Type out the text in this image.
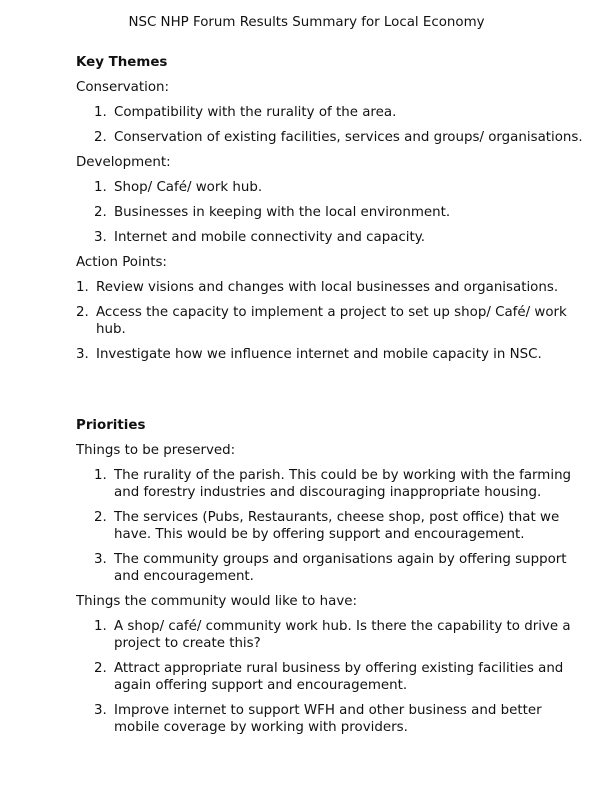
NSC NHP Forum Results Summary for Local Economy
Key Themes
Conservation:
1. Compatibility with the rurality of the area.
2. Conservation of existing facilities, services and groups/ organisations.
Development:
1. Shop/ Café/ work hub.
2. Businesses in keeping with the local environment.
3. Internet and mobile connectivity and capacity.
Action Points:
1. Review visions and changes with local businesses and organisations.
2. Access the capacity to implement a project to set up shop/ Café/ work hub.
3. Investigate how we influence internet and mobile capacity in NSC.
Priorities
Things to be preserved:
1. The rurality of the parish. This could be by working with the farming and forestry industries and discouraging inappropriate housing.
2. The services (Pubs, Restaurants, cheese shop, post office) that we have. This would be by offering support and encouragement.
3. The community groups and organisations again by offering support and encouragement.
Things the community would like to have:
1. A shop/ café/ community work hub. Is there the capability to drive a project to create this?
2. Attract appropriate rural business by offering existing facilities and again offering support and encouragement.
3. Improve internet to support WFH and other business and better mobile coverage by working with providers.
